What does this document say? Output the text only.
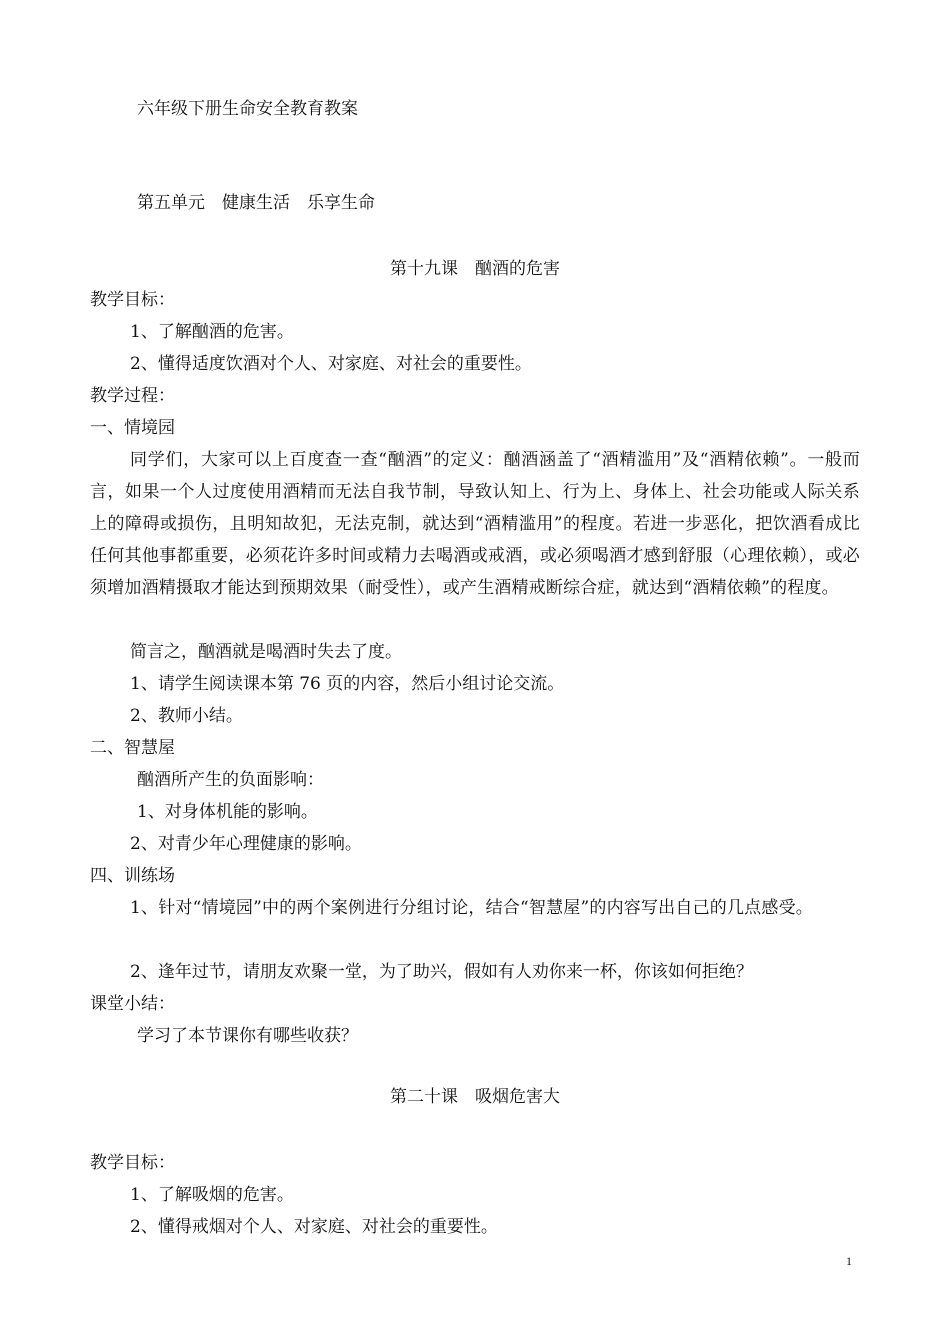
六年级下册生命安全教育教案
第五单元　健康生活　乐享生命
第十九课　酗酒的危害
教学目标：
1、了解酗酒的危害。
2、懂得适度饮酒对个人、对家庭、对社会的重要性。
教学过程：
一、情境园
同学们，大家可以上百度查一查“酗酒”的定义：酗酒涵盖了“酒精滥用”及“酒精依赖”。一般而言，如果一个人过度使用酒精而无法自我节制，导致认知上、行为上、身体上、社会功能或人际关系上的障碍或损伤，且明知故犯，无法克制，就达到“酒精滥用”的程度。若进一步恶化，把饮酒看成比任何其他事都重要，必须花许多时间或精力去喝酒或戒酒，或必须喝酒才感到舒服（心理依赖），或必须增加酒精摄取才能达到预期效果（耐受性），或产生酒精戒断综合症，就达到“酒精依赖”的程度。
简言之，酗酒就是喝酒时失去了度。
1、请学生阅读课本第 76 页的内容，然后小组讨论交流。
2、教师小结。
二、智慧屋
酗酒所产生的负面影响：
1、对身体机能的影响。
2、对青少年心理健康的影响。
四、训练场
1、针对“情境园”中的两个案例进行分组讨论，结合“智慧屋”的内容写出自己的几点感受。
2、逢年过节，请朋友欢聚一堂，为了助兴，假如有人劝你来一杯，你该如何拒绝？
课堂小结：
学习了本节课你有哪些收获？
第二十课　吸烟危害大
教学目标：
1、了解吸烟的危害。
2、懂得戒烟对个人、对家庭、对社会的重要性。
1
